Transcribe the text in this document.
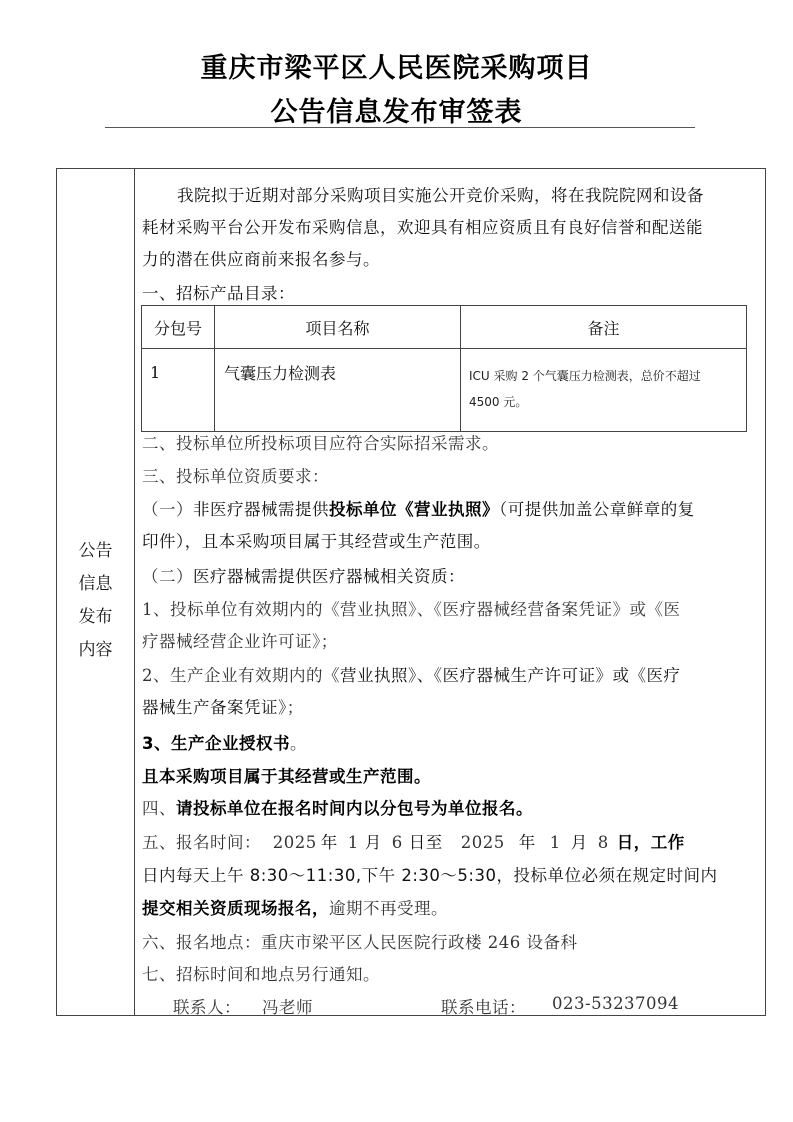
重庆市梁平区人民医院采购项目
公告信息发布审签表
公告
信息
发布
内容
我院拟于近期对部分采购项目实施公开竞价采购，将在我院院网和设备
耗材采购平台公开发布采购信息，欢迎具有相应资质且有良好信誉和配送能
力的潜在供应商前来报名参与。
一、招标产品目录：
分包号	项目名称	备注
1	气囊压力检测表	ICU 采购 2 个气囊压力检测表，总价不超过
4500 元。
二、投标单位所投标项目应符合实际招采需求。
三、投标单位资质要求：
（一）非医疗器械需提供投标单位《营业执照》（可提供加盖公章鲜章的复
印件），且本采购项目属于其经营或生产范围。
（二）医疗器械需提供医疗器械相关资质：
1、投标单位有效期内的《营业执照》、《医疗器械经营备案凭证》或《医
疗器械经营企业许可证》；
2、生产企业有效期内的《营业执照》、《医疗器械生产许可证》或《医疗
器械生产备案凭证》；
3、生产企业授权书。
且本采购项目属于其经营或生产范围。
四、请投标单位在报名时间内以分包号为单位报名。
五、报名时间： 2025 年 1 月 6 日至 2025 年 1 月 8 日，工作
日内每天上午 8:30～11:30,下午 2:30～5:30，投标单位必须在规定时间内
提交相关资质现场报名，逾期不再受理。
六、报名地点：重庆市梁平区人民医院行政楼 246 设备科
七、招标时间和地点另行通知。
联系人： 冯老师	联系电话： 023-53237094
